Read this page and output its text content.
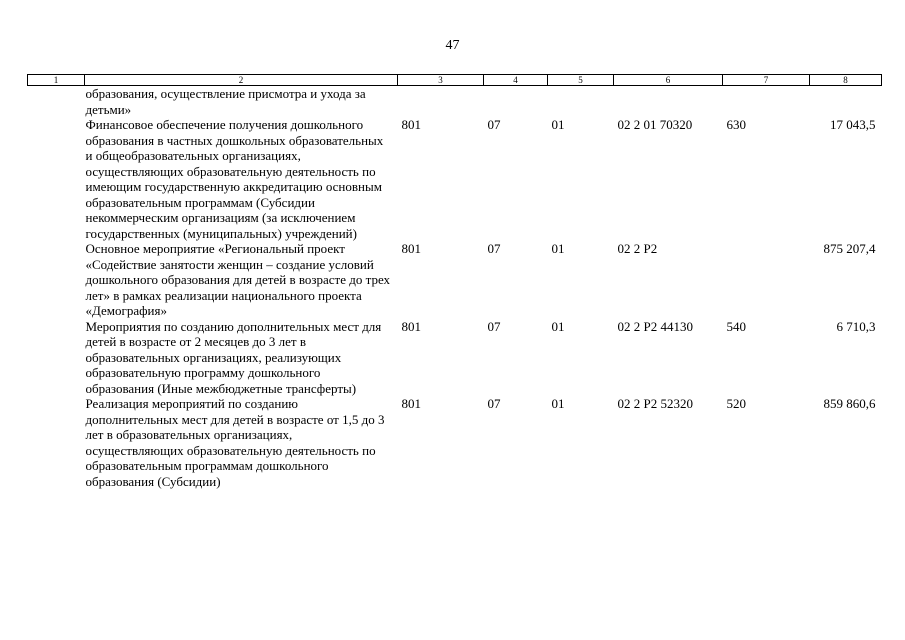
47
1	2	3	4	5	6	7	8
образования, осуществление присмотра и ухода за детьми»							
Финансовое обеспечение получения дошкольного образования в частных дошкольных образовательных и общеобразовательных организациях, осуществляющих образовательную деятельность по имеющим государственную аккредитацию основным образовательным программам (Субсидии некоммерческим организациям (за исключением государственных (муниципальных) учреждений)		801	07	01	02 2 01 70320	630	17 043,5
Основное мероприятие «Региональный проект «Содействие занятости женщин – создание условий дошкольного образования для детей в возрасте до трех лет» в рамках реализации национального проекта «Демография»		801	07	01	02 2 P2		875 207,4
Мероприятия по созданию дополнительных мест для детей в возрасте от 2 месяцев до 3 лет в образовательных организациях, реализующих образовательную программу дошкольного образования (Иные межбюджетные трансферты)		801	07	01	02 2 P2 44130	540	6 710,3
Реализация мероприятий по созданию дополнительных мест для детей в возрасте от 1,5 до 3 лет в образовательных организациях, осуществляющих образовательную деятельность по образовательным программам дошкольного образования (Субсидии)		801	07	01	02 2 P2 52320	520	859 860,6
